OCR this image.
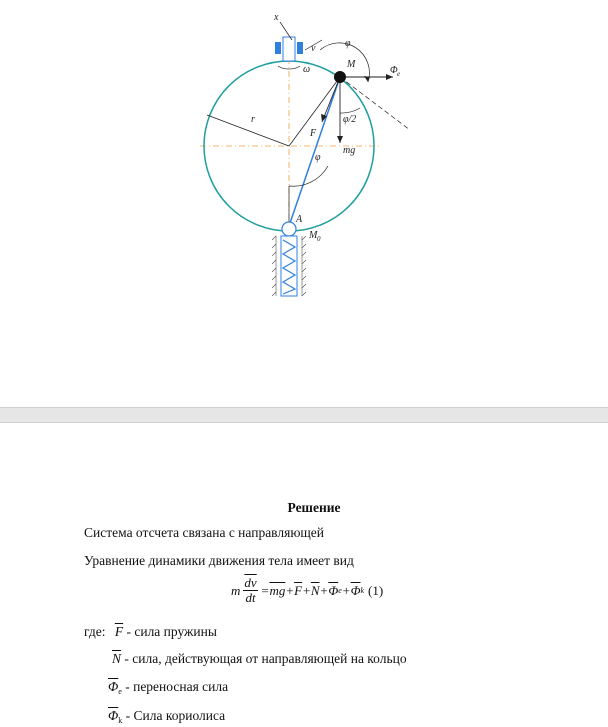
x
v	φ
M
Φ e
ω
r
F
φ/2
mg
φ
A
M 0
Решение
Система отсчета связана с направляющей
Уравнение динамики движения тела имеет вид
m $\frac{\overline{dv}}{dt} = \overline{mg} + \overline{F} + \overline{N} + \overline{\Phi}$ $e + \overline{\Phi}$ k (1)
где: $\overline{F}$ - сила пружины
$\overline{N}$ - сила, действующая от направляющей на кольцо
$\overline{\Phi}_e$ - переносная сила
$\overline{\Phi}_k$ - Сила кориолиса
